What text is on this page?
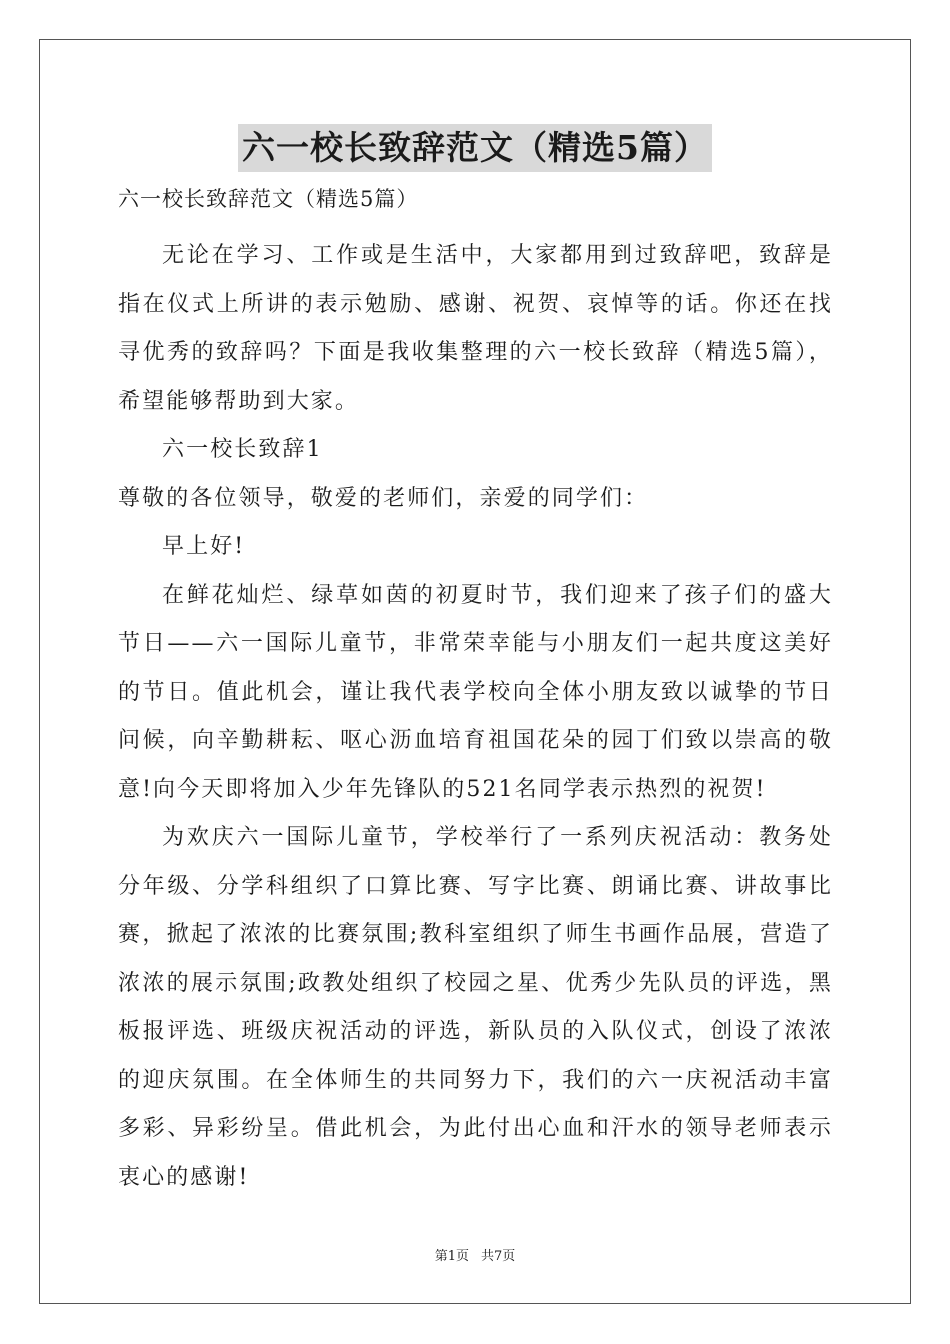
六一校长致辞范文（精选5篇）
六一校长致辞范文（精选5篇）

无论在学习、工作或是生活中，大家都用到过致辞吧，致辞是指在仪式上所讲的表示勉励、感谢、祝贺、哀悼等的话。你还在找寻优秀的致辞吗？下面是我收集整理的六一校长致辞（精选5篇），希望能够帮助到大家。

六一校长致辞1

尊敬的各位领导，敬爱的老师们，亲爱的同学们：

早上好!

在鲜花灿烂、绿草如茵的初夏时节，我们迎来了孩子们的盛大节日——六一国际儿童节，非常荣幸能与小朋友们一起共度这美好的节日。值此机会，谨让我代表学校向全体小朋友致以诚挚的节日问候，向辛勤耕耘、呕心沥血培育祖国花朵的园丁们致以崇高的敬意!向今天即将加入少年先锋队的521名同学表示热烈的祝贺!

为欢庆六一国际儿童节，学校举行了一系列庆祝活动：教务处分年级、分学科组织了口算比赛、写字比赛、朗诵比赛、讲故事比赛，掀起了浓浓的比赛氛围;教科室组织了师生书画作品展，营造了浓浓的展示氛围;政教处组织了校园之星、优秀少先队员的评选，黑板报评选、班级庆祝活动的评选，新队员的入队仪式，创设了浓浓的迎庆氛围。在全体师生的共同努力下，我们的六一庆祝活动丰富多彩、异彩纷呈。借此机会，为此付出心血和汗水的领导老师表示衷心的感谢!

第1页 共7页
